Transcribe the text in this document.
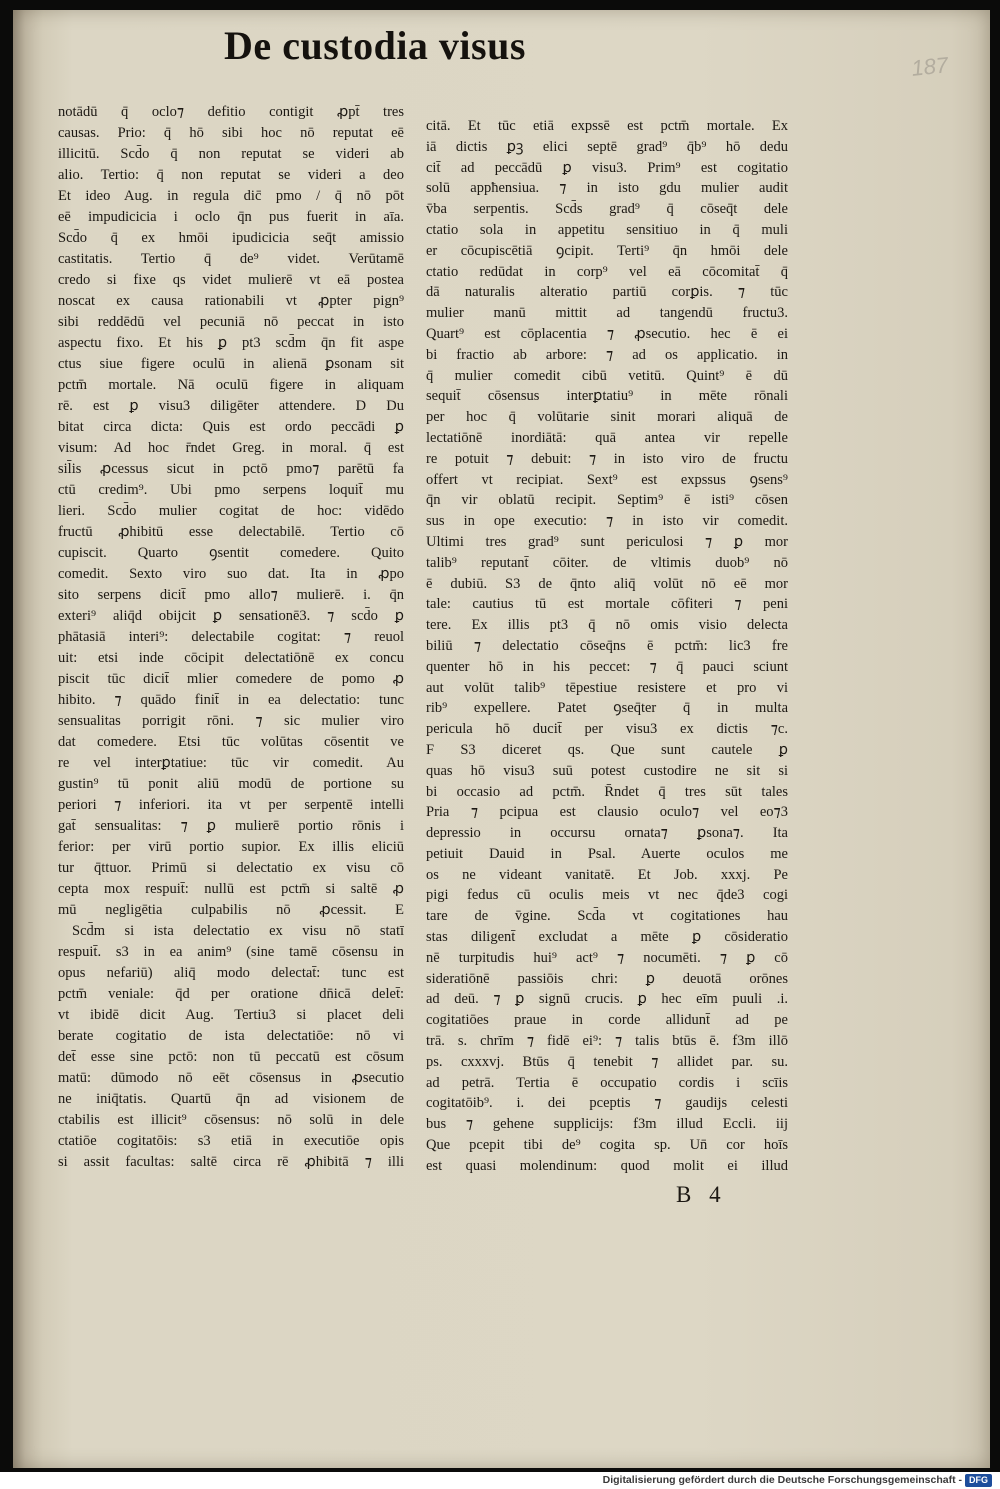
De custodia visus	187
notādū q̄ oclo⁊ defitio contigit ꝓpt̄ tres
causas. Prio: q̄ hō sibi hoc nō reputat eē
illicitū. Scd̄o q̄ non reputat se videri ab
alio. Tertio: q̄ non reputat se videri a deo
Et ideo Aug. in regula dic̄ pmo / q̄ nō pōt
eē impudicicia i oclo q̄n pus fuerit in aīa.
Scd̄o q̄ ex hmōi ipudicicia seq̄t amissio
castitatis. Tertio q̄ de⁹ videt. Verūtamē
credo si fixe qs videt mulierē vt eā postea
noscat ex causa rationabili vt ꝓpter pign⁹
sibi reddēdū vel pecuniā nō peccat in isto
aspectu fixo. Et his ꝑ pt3 scd̄m q̄n fit aspe
ctus siue figere oculū in alienā ꝑsonam sit
pctm̄ mortale. Nā oculū figere in aliquam
rē. est ꝑ visu3 diligēter attendere. D Du
bitat circa dicta: Quis est ordo peccādi ꝑ
visum: Ad hoc r̄ndet Greg. in moral. q̄ est
sil̄is ꝓcessus sicut in pctō pmo⁊ parētū fa
ctū credim⁹. Ubi pmo serpens loquit̄ mu
lieri. Scd̄o mulier cogitat de hoc: vidēdo
fructū ꝓhibitū esse delectabilē. Tertio cō
cupiscit. Quarto ꝯsentit comedere. Quito
comedit. Sexto viro suo dat. Ita in ꝓpo
sito serpens dicit̄ pmo allo⁊ mulierē. i. q̄n
exteri⁹ aliq̄d obijcit ꝑ sensationē3. ⁊ scd̄o ꝑ
phātasiā interi⁹: delectabile cogitat: ⁊ reuol
uit: etsi inde cōcipit delectatiōnē ex concu
piscit tūc dicit̄ mlier comedere de pomo ꝓ
hibito. ⁊ quādo finit̄ in ea delectatio: tunc
sensualitas porrigit rōni. ⁊ sic mulier viro
dat comedere. Etsi tūc volūtas cōsentit ve
re vel interꝑtatiue: tūc vir comedit. Au
gustin⁹ tū ponit aliū modū de portione su
periori ⁊ inferiori. ita vt per serpentē intelli
gat̄ sensualitas: ⁊ ꝑ mulierē portio rōnis i
ferior: per virū portio supior. Ex illis eliciū
tur q̄ttuor. Primū si delectatio ex visu cō
cepta mox respuit̄: nullū est pctm̄ si saltē ꝓ
mū negligētia culpabilis nō ꝓcessit. E
Scd̄m si ista delectatio ex visu nō statī
respuit̄. s3 in ea anim⁹ (sine tamē cōsensu in
opus nefariū) aliq̄ modo delectat̄: tunc est
pctm̄ veniale: q̄d per oratione dn̄icā delet̄:
vt ibidē dicit Aug. Tertiu3 si placet deli
berate cogitatio de ista delectatiōe: nō vi
det̄ esse sine pctō: non tū peccatū est cōsum
matū: dūmodo nō eēt cōsensus in ꝓsecutio
ne iniq̄tatis. Quartū q̄n ad visionem de
ctabilis est illicit⁹ cōsensus: nō solū in dele
ctatiōe cogitatōis: s3 etiā in executiōe opis
si assit facultas: saltē circa rē ꝓhibitā ⁊ illi
citā. Et tūc etiā expssē est pctm̄ mortale. Ex
iā dictis ꝑꝫ elici septē grad⁹ q̄b⁹ hō dedu
cit̄ ad peccādū ꝑ visu3. Prim⁹ est cogitatio
solū appħensiua. ⁊ in isto gdu mulier audit
v̄ba serpentis. Scd̄s grad⁹ q̄ cōseq̄t dele
ctatio sola in appetitu sensitiuo in q̄ muli
er cōcupiscētiā ꝯcipit. Terti⁹ q̄n hmōi dele
ctatio redūdat in corp⁹ vel eā cōcomitat̄ q̄
dā naturalis alteratio partiū corꝑis. ⁊ tūc
mulier manū mittit ad tangendū fructu3.
Quart⁹ est cōplacentia ⁊ ꝓsecutio. hec ē ei
bi fractio ab arbore: ⁊ ad os applicatio. in
q̄ mulier comedit cibū vetitū. Quint⁹ ē dū
sequit̄ cōsensus interꝑtatiu⁹ in mēte rōnali
per hoc q̄ volūtarie sinit morari aliquā de
lectatiōnē inordiātā: quā antea vir repelle
re potuit ⁊ debuit: ⁊ in isto viro de fructu
offert vt recipiat. Sext⁹ est expssus ꝯsens⁹
q̄n vir oblatū recipit. Septim⁹ ē isti⁹ cōsen
sus in ope executio: ⁊ in isto vir comedit.
Ultimi tres grad⁹ sunt periculosi ⁊ ꝑ mor
talib⁹ reputant̄ cōiter. de vltimis duob⁹ nō
ē dubiū. S3 de q̄nto aliq̄ volūt nō eē mor
tale: cautius tū est mortale cōfiteri ⁊ peni
tere. Ex illis pt3 q̄ nō omis visio delecta
biliū ⁊ delectatio cōseq̄ns ē pctm̄: lic3 fre
quenter hō in his peccet: ⁊ q̄ pauci sciunt
aut volūt talib⁹ tēpestiue resistere et pro vi
rib⁹ expellere. Patet ꝯseq̄ter q̄ in multa
pericula hō ducit̄ per visu3 ex dictis ⁊c.
F S3 diceret qs. Que sunt cautele ꝑ
quas hō visu3 suū potest custodire ne sit si
bi occasio ad pctm̄. R̄ndet q̄ tres sūt tales
Pria ⁊ pcipua est clausio oculo⁊ vel eo⁊3
depressio in occursu ornata⁊ ꝑsona⁊. Ita
petiuit Dauid in Psal. Auerte oculos me
os ne videant vanitatē. Et Job. xxxj. Pe
pigi fedus cū oculis meis vt nec q̄de3 cogi
tare de v̄gine. Scd̄a vt cogitationes hau
stas diligent̄ excludat a mēte ꝑ cōsideratio
nē turpitudis hui⁹ act⁹ ⁊ nocumēti. ⁊ ꝑ cō
sideratiōnē passiōis chri: ꝑ deuotā orōnes
ad deū. ⁊ ꝑ signū crucis. ꝑ hec eīm puuli .i.
cogitatiōes praue in corde allidunt̄ ad pe
trā. s. chrīm ⁊ fidē ei⁹: ⁊ talis btūs ē. f3m illō
ps. cxxxvj. Btūs q̄ tenebit ⁊ allidet par. su.
ad petrā. Tertia ē occupatio cordis i scīis
cogitatōib⁹. i. dei pceptis ⁊ gaudijs celesti
bus ⁊ gehene supplicijs: f3m illud Eccli. iij
Que pcepit tibi de⁹ cogita sp. Un̄ cor hoīs
est quasi molendinum: quod molit ei illud
B 4
Digitalisierung gefördert durch die Deutsche Forschungsgemeinschaft - DFG
